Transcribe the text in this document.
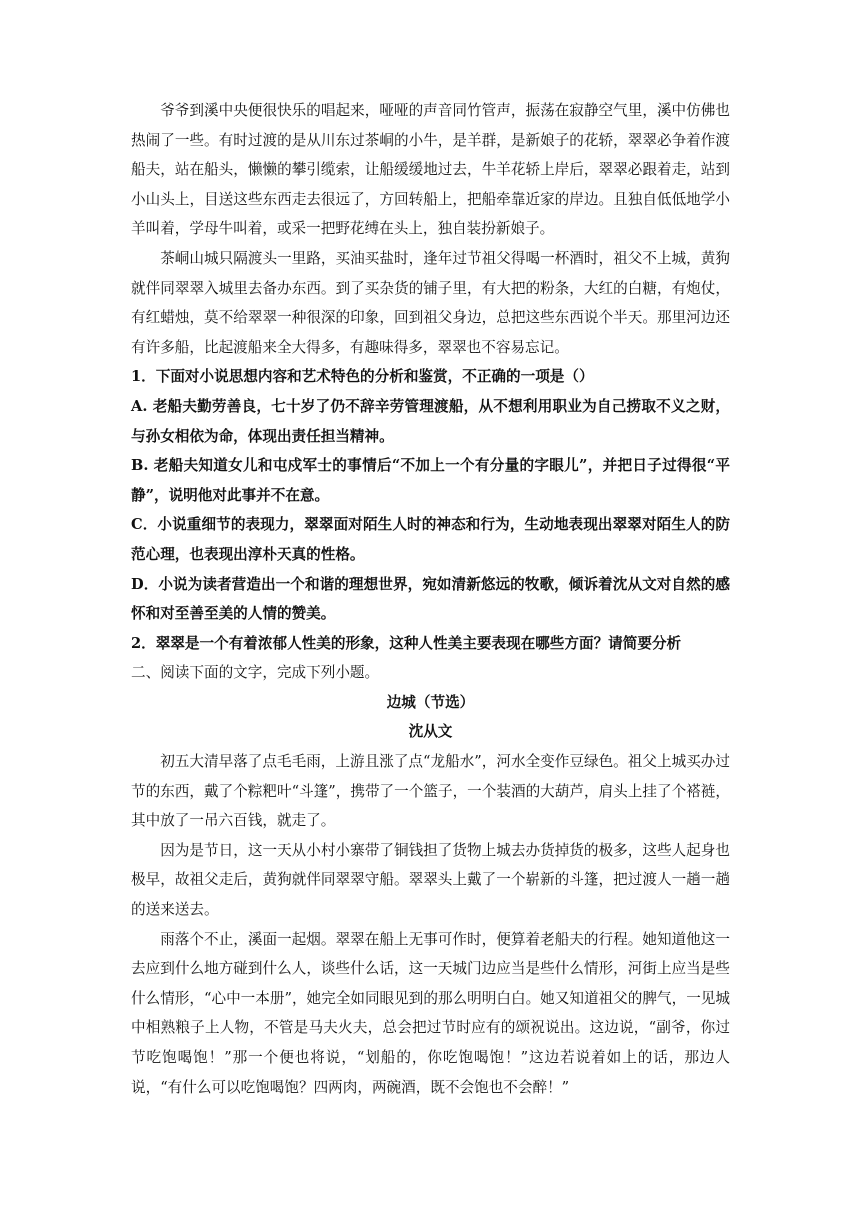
爷爷到溪中央便很快乐的唱起来，哑哑的声音同竹管声，振荡在寂静空气里，溪中仿佛也热闹了一些。有时过渡的是从川东过茶峒的小牛，是羊群，是新娘子的花轿，翠翠必争着作渡船夫，站在船头，懒懒的攀引缆索，让船缓缓地过去，牛羊花轿上岸后，翠翠必跟着走，站到小山头上，目送这些东西走去很远了，方回转船上，把船牵靠近家的岸边。且独自低低地学小羊叫着，学母牛叫着，或采一把野花缚在头上，独自装扮新娘子。

茶峒山城只隔渡头一里路，买油买盐时，逢年过节祖父得喝一杯酒时，祖父不上城，黄狗就伴同翠翠入城里去备办东西。到了买杂货的铺子里，有大把的粉条，大红的白糖，有炮仗，有红蜡烛，莫不给翠翠一种很深的印象，回到祖父身边，总把这些东西说个半天。那里河边还有许多船，比起渡船来全大得多，有趣味得多，翠翠也不容易忘记。

1．下面对小说思想内容和艺术特色的分析和鉴赏，不正确的一项是（）

A. 老船夫勤劳善良，七十岁了仍不辞辛劳管理渡船，从不想利用职业为自己捞取不义之财，与孙女相依为命，体现出责任担当精神。

B. 老船夫知道女儿和屯戍军士的事情后“不加上一个有分量的字眼儿”，并把日子过得很“平静”，说明他对此事并不在意。

C．小说重细节的表现力，翠翠面对陌生人时的神态和行为，生动地表现出翠翠对陌生人的防范心理，也表现出淳朴天真的性格。

D．小说为读者营造出一个和谐的理想世界，宛如清新悠远的牧歌，倾诉着沈从文对自然的感怀和对至善至美的人情的赞美。

2．翠翠是一个有着浓郁人性美的形象，这种人性美主要表现在哪些方面？请简要分析

二、阅读下面的文字，完成下列小题。

边城（节选）

沈从文

初五大清早落了点毛毛雨，上游且涨了点“龙船水”，河水全变作豆绿色。祖父上城买办过节的东西，戴了个粽粑叶“斗篷”，携带了一个篮子，一个装酒的大葫芦，肩头上挂了个褡裢，其中放了一吊六百钱，就走了。

因为是节日，这一天从小村小寨带了铜钱担了货物上城去办货掉货的极多，这些人起身也极早，故祖父走后，黄狗就伴同翠翠守船。翠翠头上戴了一个崭新的斗篷，把过渡人一趟一趟的送来送去。

雨落个不止，溪面一起烟。翠翠在船上无事可作时，便算着老船夫的行程。她知道他这一去应到什么地方碰到什么人，谈些什么话，这一天城门边应当是些什么情形，河街上应当是些什么情形，“心中一本册”，她完全如同眼见到的那么明明白白。她又知道祖父的脾气，一见城中相熟粮子上人物，不管是马夫火夫，总会把过节时应有的颂祝说出。这边说，“副爷，你过节吃饱喝饱！”那一个便也将说，“划船的，你吃饱喝饱！”这边若说着如上的话，那边人说，“有什么可以吃饱喝饱？四两肉，两碗酒，既不会饱也不会醉！”
